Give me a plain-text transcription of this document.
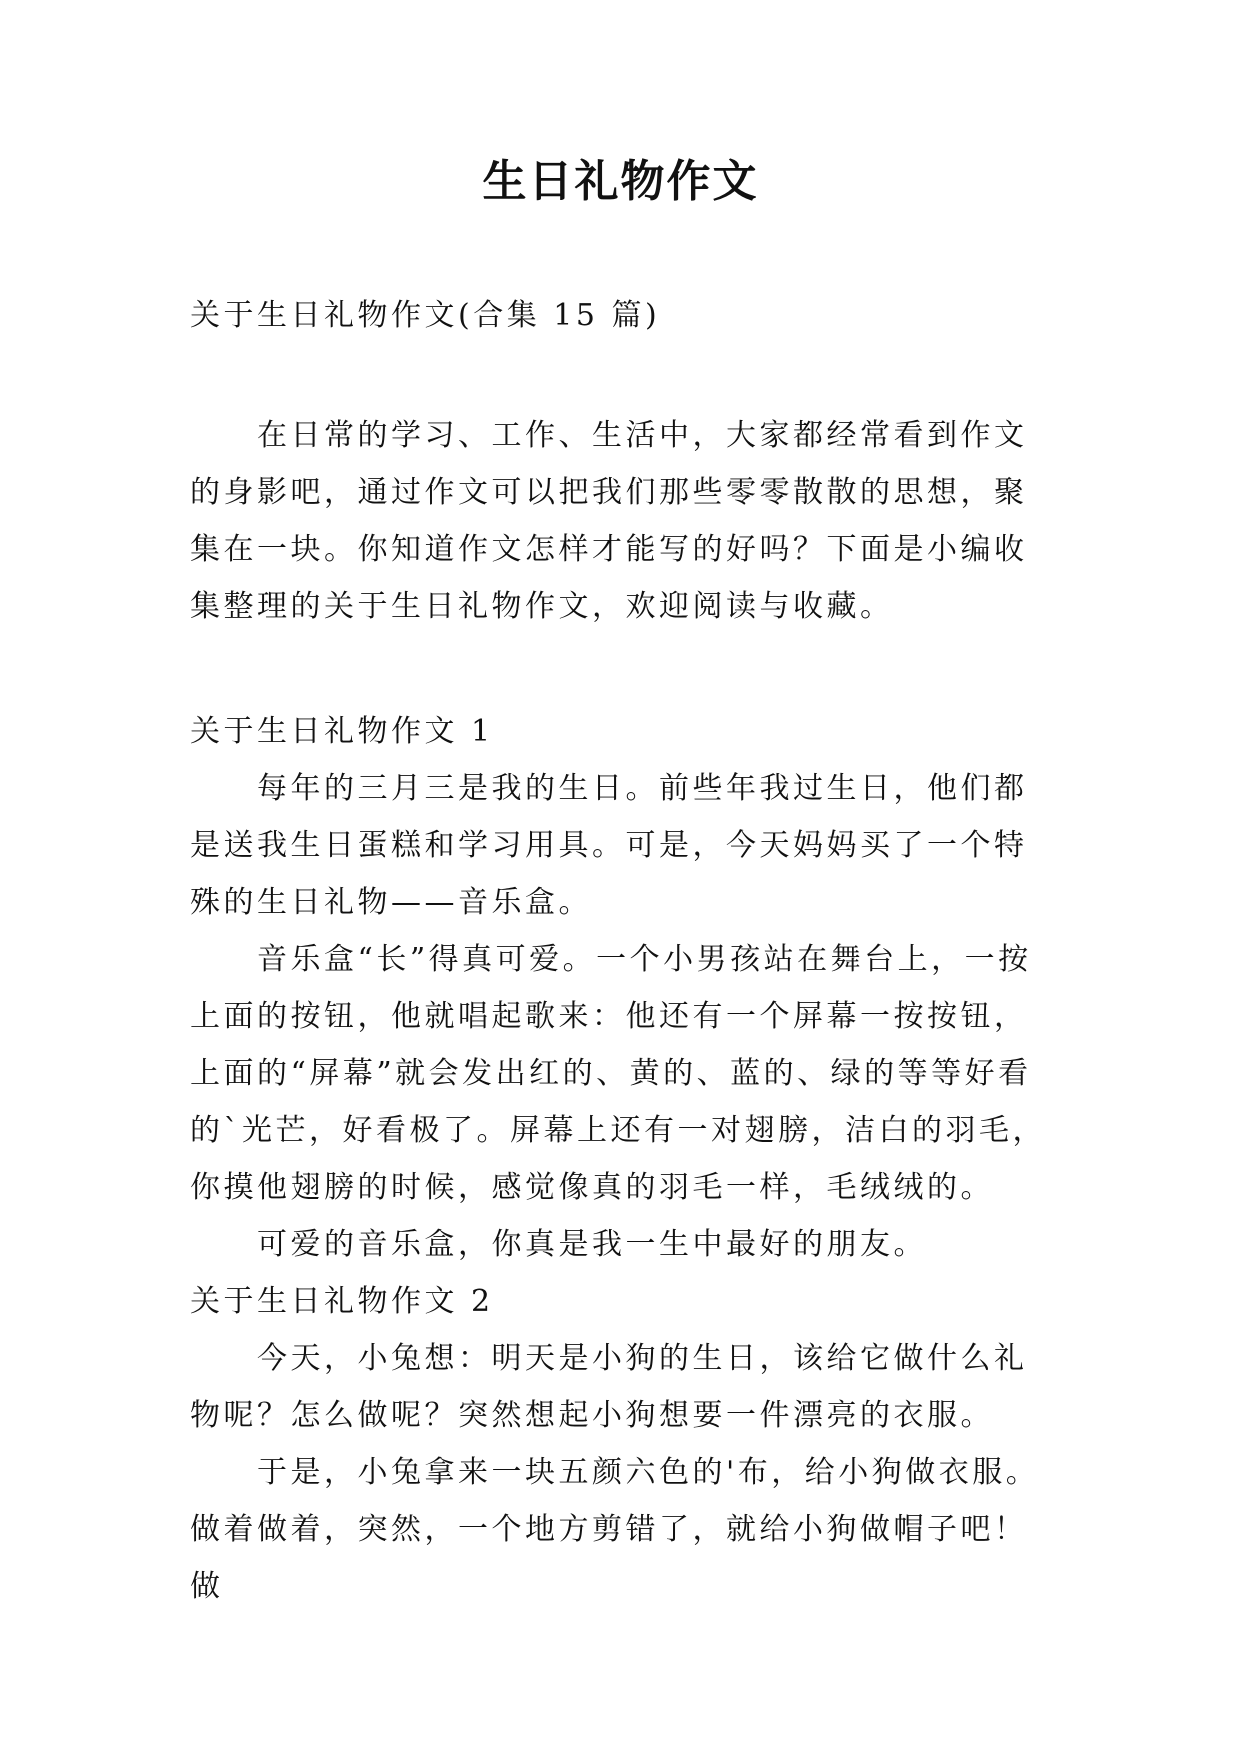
生日礼物作文
关于生日礼物作文(合集 15 篇)

在日常的学习、工作、生活中，大家都经常看到作文的身影吧，通过作文可以把我们那些零零散散的思想，聚集在一块。你知道作文怎样才能写的好吗？下面是小编收集整理的关于生日礼物作文，欢迎阅读与收藏。

关于生日礼物作文 1

每年的三月三是我的生日。前些年我过生日，他们都是送我生日蛋糕和学习用具。可是，今天妈妈买了一个特殊的生日礼物——音乐盒。

音乐盒“长”得真可爱。一个小男孩站在舞台上，一按上面的按钮，他就唱起歌来：他还有一个屏幕一按按钮，上面的“屏幕”就会发出红的、黄的、蓝的、绿的等等好看的`光芒，好看极了。屏幕上还有一对翅膀，洁白的羽毛，你摸他翅膀的时候，感觉像真的羽毛一样，毛绒绒的。

可爱的音乐盒，你真是我一生中最好的朋友。

关于生日礼物作文 2

今天，小兔想：明天是小狗的生日，该给它做什么礼物呢？怎么做呢？突然想起小狗想要一件漂亮的衣服。

于是，小兔拿来一块五颜六色的'布，给小狗做衣服。做着做着，突然，一个地方剪错了，就给小狗做帽子吧！做
